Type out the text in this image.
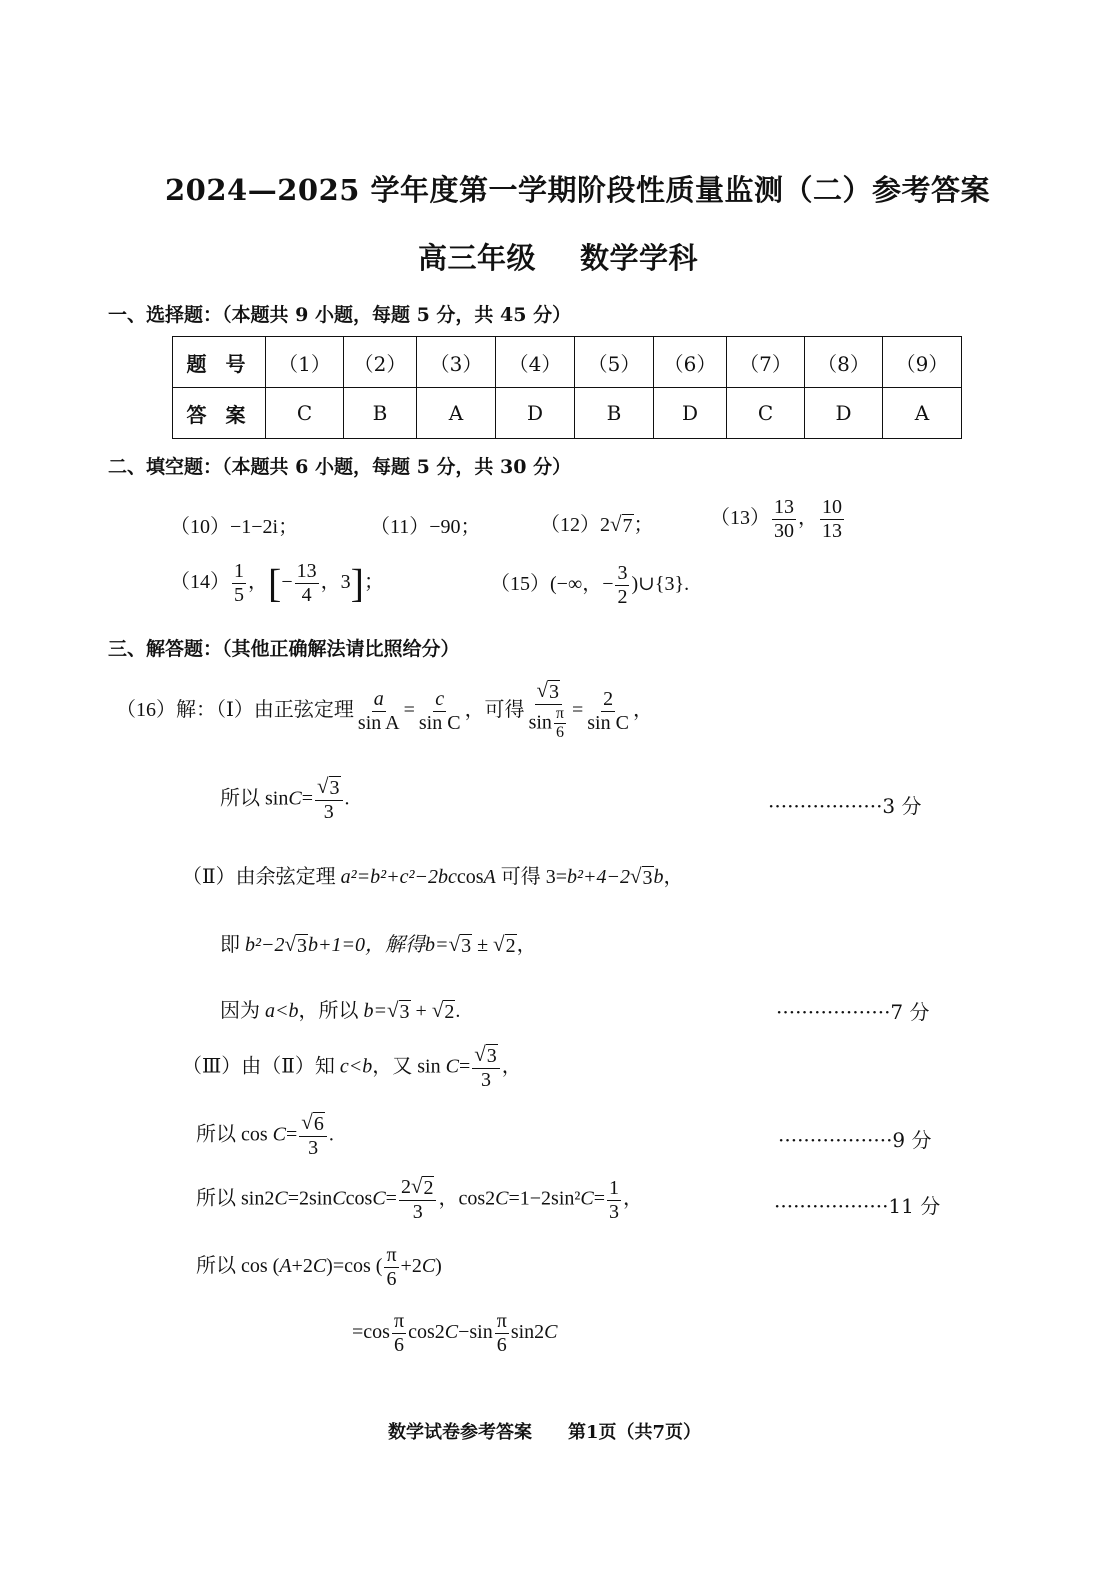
2024—2025 学年度第一学期阶段性质量监测（二）参考答案
高三年级 数学学科
一、选择题：（本题共 9 小题，每题 5 分，共 45 分）
题 号	（1）	（2）	（3）	（4）	（5）	（6）	（7）	（8）	（9）
答 案	C	B	A	D	B	D	C	D	A
二、填空题：（本题共 6 小题，每题 5 分，共 30 分）
（10）−1−2i；	（11）−90；	（12）2 √ 7 ；	$(13) \frac{13}{30}$ ， $\frac{10}{13}$
$(14) \frac{1}{5}$ ，[− $\frac{13}{4}$ ，3]；	（15）(−∞，− $\frac{3}{2}$ )∪{3}.
三、解答题：（其他正确解法请比照给分）
（16）解：（Ⅰ）由正弦定理 $\frac{a}{\text{sin A}} = \frac{c}{\text{sin C}}$ ，可得 $\frac{√ 3}{\sin \frac{\pi}{6}} = \frac{2}{\text{sin C}}$ ，
所以 $\sin C= \frac{√ 3}{3}$ .	··················3 分
（Ⅱ）由余弦定理 a²=b²+c²−2bccosA 可得 3=b²+4−2 √ 3 b，
即 b²−2 √ 3 b+1=0，解得b= √ 3 ± √ 2 ，
因为 a<b，所以 b= √ 3 + √ 2 .	··················7 分
（Ⅲ）由（Ⅱ）知 c<b，又 $\sin C= \frac{√ 3}{3}$ ，
所以 $\cos C= \frac{√ 6}{3}$ .	··················9 分
所以 sin2C=2sinCcosC= $\frac{2 √ 2}{3}$ ，$\cos 2C=1-2\sin^2C= \frac{1}{3}$ ，	··················11 分
所以 cos (A+2C)=cos ( $\frac{\pi}{6} +2C$)
$=\cos \frac{\pi}{6} \cos 2C-\sin \frac{\pi}{6} \sin 2C$
数学试卷参考答案 第1页（共7页）
